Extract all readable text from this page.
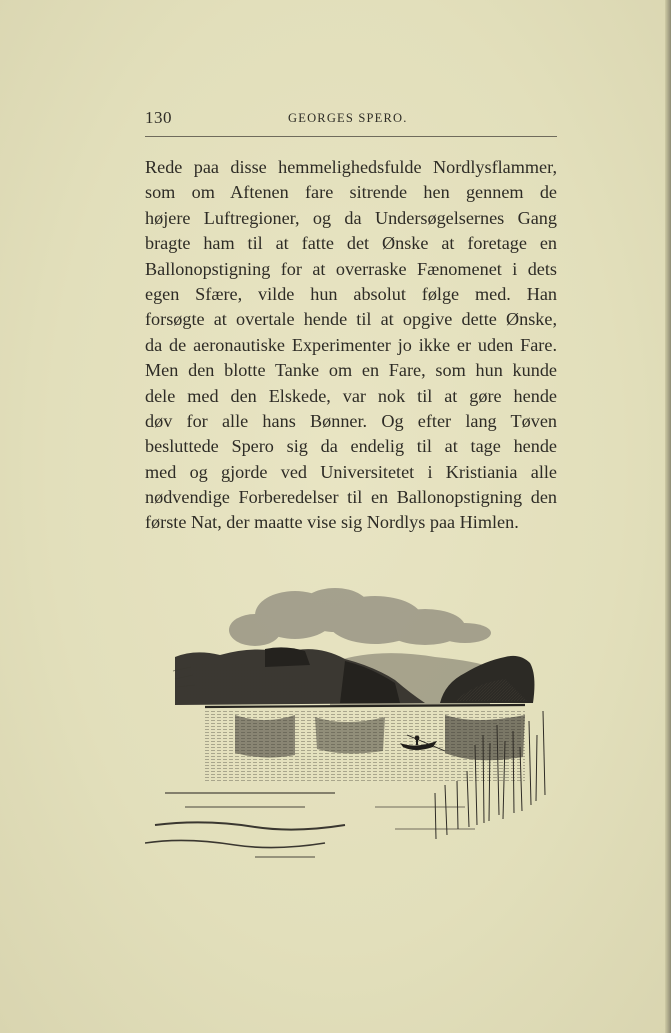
130	GEORGES SPERO.
Rede paa disse hemmelighedsfulde Nordlysflammer,
som om Aftenen fare sitrende hen gennem de
højere Luftregioner, og da Undersøgelsernes Gang
bragte ham til at fatte det Ønske at foretage en
Ballonopstigning for at overraske Fænomenet i dets
egen Sfære, vilde hun absolut følge med. Han
forsøgte at overtale hende til at opgive dette Ønske,
da de aeronautiske Experimenter jo ikke er uden Fare.
Men den blotte Tanke om en Fare, som hun kunde
dele med den Elskede, var nok til at gøre hende
døv for alle hans Bønner. Og efter lang Tøven
besluttede Spero sig da endelig til at tage hende
med og gjorde ved Universitetet i Kristiania alle
nødvendige Forberedelser til en Ballonopstigning den
første Nat, der maatte vise sig Nordlys paa Himlen.
